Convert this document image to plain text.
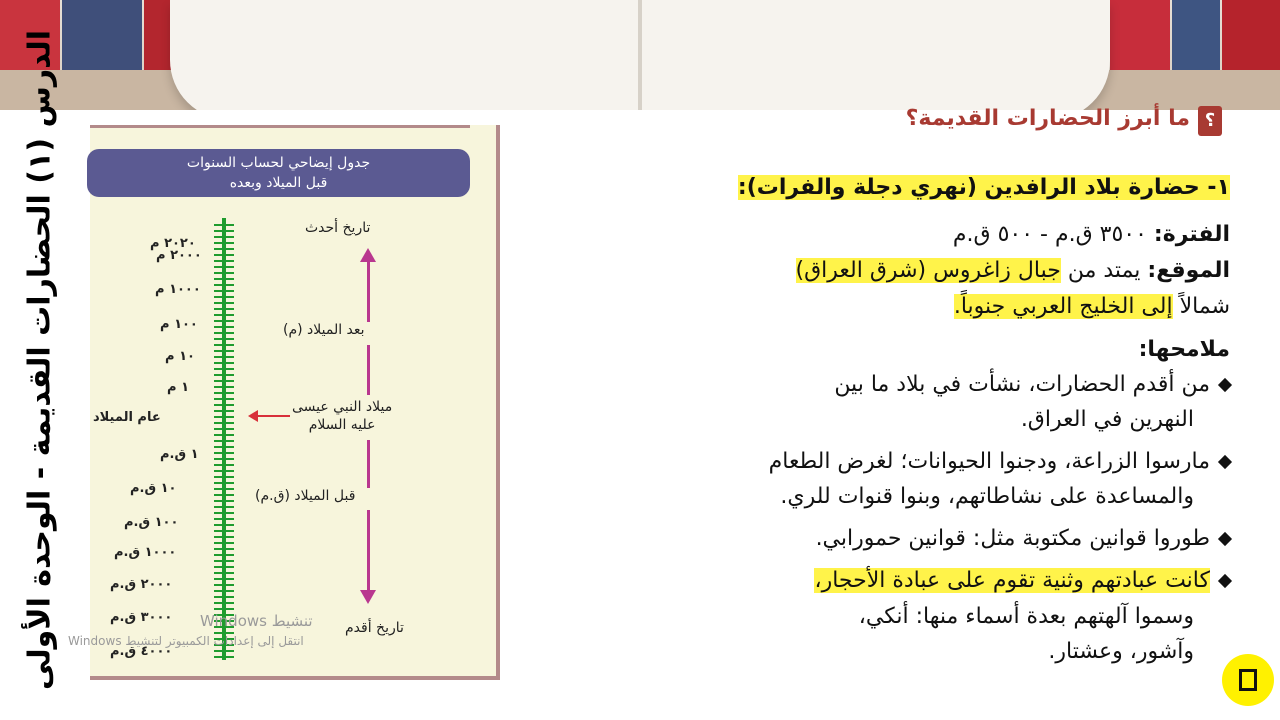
الدرس (١) الحضارات القديمة - الوحدة الأولى
جدول إيضاحي لحساب السنوات
قبل الميلاد وبعده
٢٠٢٠ م
٢٠٠٠ م
١٠٠٠ م
١٠٠ م
١٠ م
١ م
عام الميلاد
١ ق.م
١٠ ق.م
١٠٠ ق.م
١٠٠٠ ق.م
٢٠٠٠ ق.م
٣٠٠٠ ق.م
٤٠٠٠ ق.م
تاريخ أحدث
بعد الميلاد (م)
ميلاد النبي عيسى
عليه السلام
قبل الميلاد (ق.م)
تاريخ أقدم
تنشيط Windows
انتقل إلى إعدادات الكمبيوتر لتنشيط Windows
؟
ما أبرز الحضارات القديمة؟
١- حضارة بلاد الرافدين (نهري دجلة والفرات):
الفترة: ٣٥٠٠ ق.م - ٥٠٠ ق.م
الموقع: يمتد من جبال زاغروس (شرق العراق)
شمالاً إلى الخليج العربي جنوباً.
ملامحها:
من أقدم الحضارات، نشأت في بلاد ما بين
النهرين في العراق.
مارسوا الزراعة، ودجنوا الحيوانات؛ لغرض الطعام
والمساعدة على نشاطاتهم، وبنوا قنوات للري.
طوروا قوانين مكتوبة مثل: قوانين حمورابي.
كانت عبادتهم وثنية تقوم على عبادة الأحجار،
وسموا آلهتهم بعدة أسماء منها: أنكي،
وآشور، وعشتار.
